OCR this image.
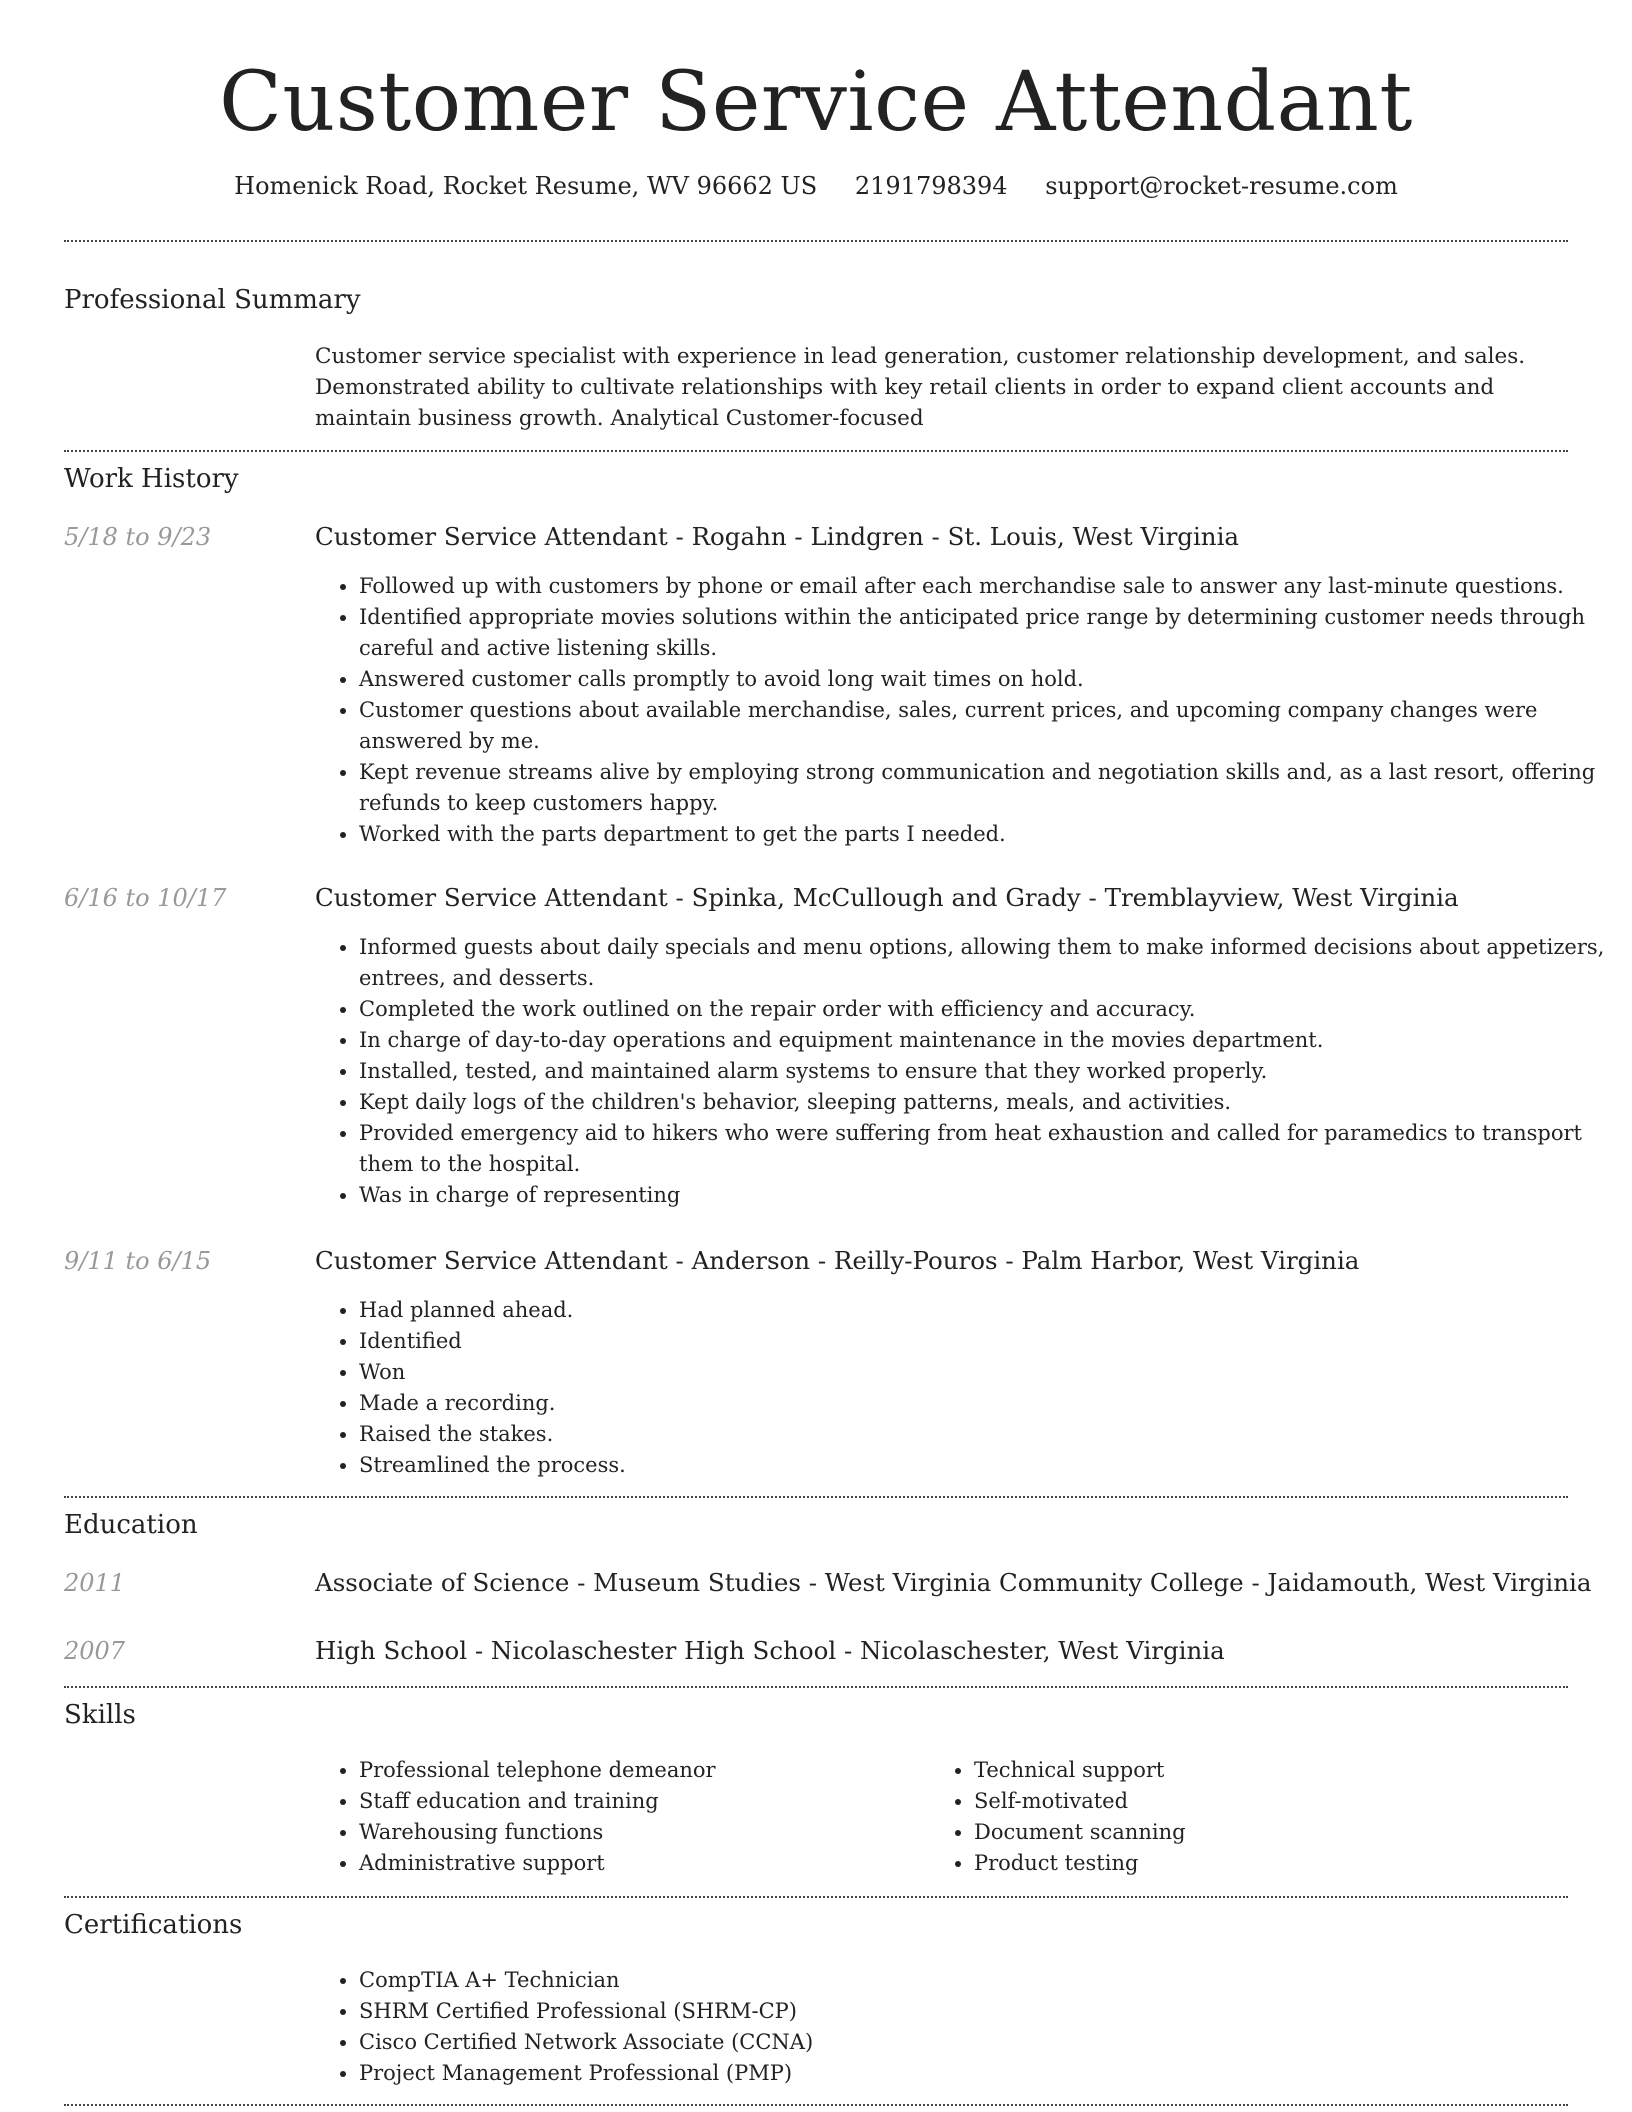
Customer Service Attendant
Homenick Road, Rocket Resume, WV 96662 US 2191798394 support@rocket-resume.com
Professional Summary
Customer service specialist with experience in lead generation, customer relationship development, and sales. Demonstrated ability to cultivate relationships with key retail clients in order to expand client accounts and maintain business growth. Analytical Customer-focused
Work History
5/18 to 9/23	Customer Service Attendant - Rogahn - Lindgren - St. Louis, West Virginia
• Followed up with customers by phone or email after each merchandise sale to answer any last-minute questions.
• Identified appropriate movies solutions within the anticipated price range by determining customer needs through careful and active listening skills.
• Answered customer calls promptly to avoid long wait times on hold.
• Customer questions about available merchandise, sales, current prices, and upcoming company changes were answered by me.
• Kept revenue streams alive by employing strong communication and negotiation skills and, as a last resort, offering refunds to keep customers happy.
• Worked with the parts department to get the parts I needed.
6/16 to 10/17	Customer Service Attendant - Spinka, McCullough and Grady - Tremblayview, West Virginia
• Informed guests about daily specials and menu options, allowing them to make informed decisions about appetizers, entrees, and desserts.
• Completed the work outlined on the repair order with efficiency and accuracy.
• In charge of day-to-day operations and equipment maintenance in the movies department.
• Installed, tested, and maintained alarm systems to ensure that they worked properly.
• Kept daily logs of the children's behavior, sleeping patterns, meals, and activities.
• Provided emergency aid to hikers who were suffering from heat exhaustion and called for paramedics to transport them to the hospital.
• Was in charge of representing
9/11 to 6/15	Customer Service Attendant - Anderson - Reilly-Pouros - Palm Harbor, West Virginia
• Had planned ahead.
• Identified
• Won
• Made a recording.
• Raised the stakes.
• Streamlined the process.
Education
2011	Associate of Science - Museum Studies - West Virginia Community College - Jaidamouth, West Virginia
2007	High School - Nicolaschester High School - Nicolaschester, West Virginia
Skills
• Professional telephone demeanor
• Staff education and training
• Warehousing functions
• Administrative support
• Technical support
• Self-motivated
• Document scanning
• Product testing
Certifications
• CompTIA A+ Technician
• SHRM Certified Professional (SHRM-CP)
• Cisco Certified Network Associate (CCNA)
• Project Management Professional (PMP)
